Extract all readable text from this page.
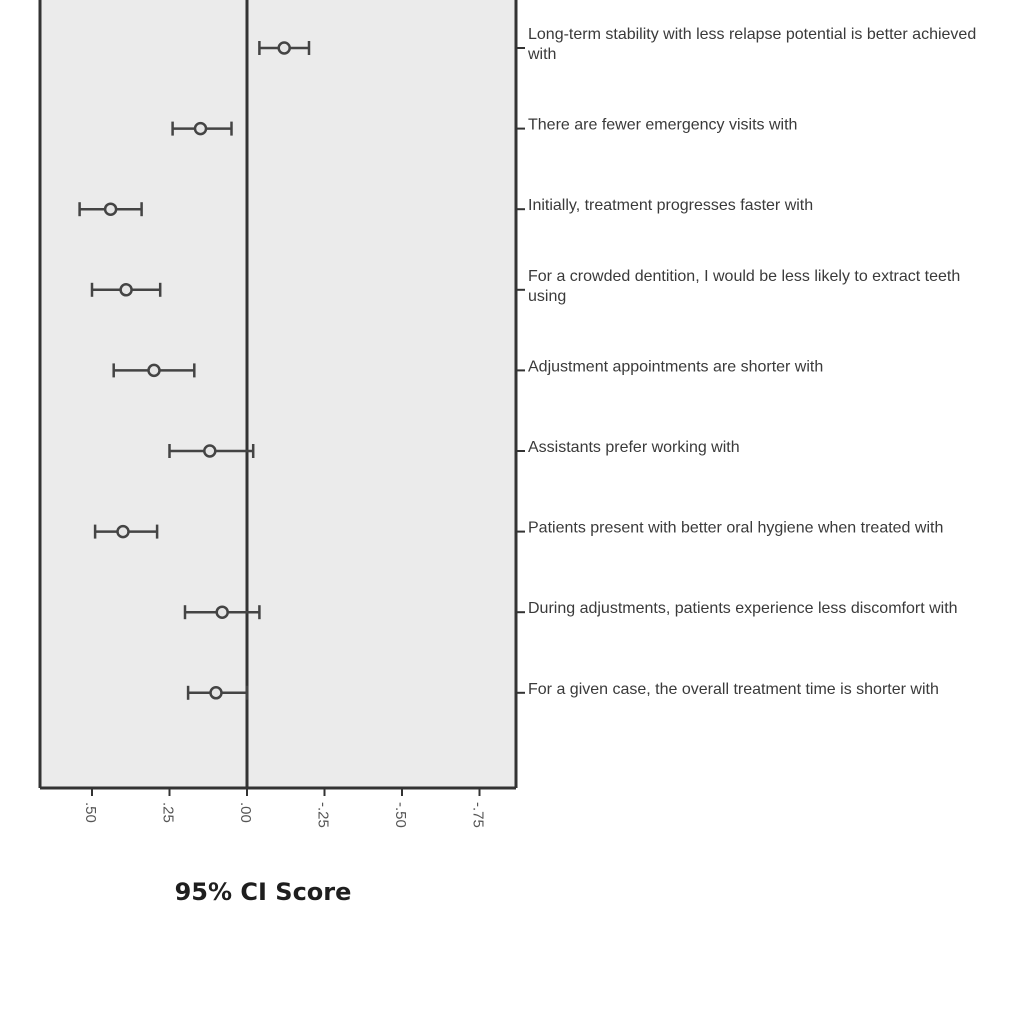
.50	.25	.00	-.25	-.50	-.75
Long-term stability with less relapse potential is better achieved with
There are fewer emergency visits with
Initially, treatment progresses faster with
For a crowded dentition, I would be less likely to extract teeth using
Adjustment appointments are shorter with
Assistants prefer working with
Patients present with better oral hygiene when treated with
During adjustments, patients experience less discomfort with
For a given case, the overall treatment time is shorter with
95% CI Score
